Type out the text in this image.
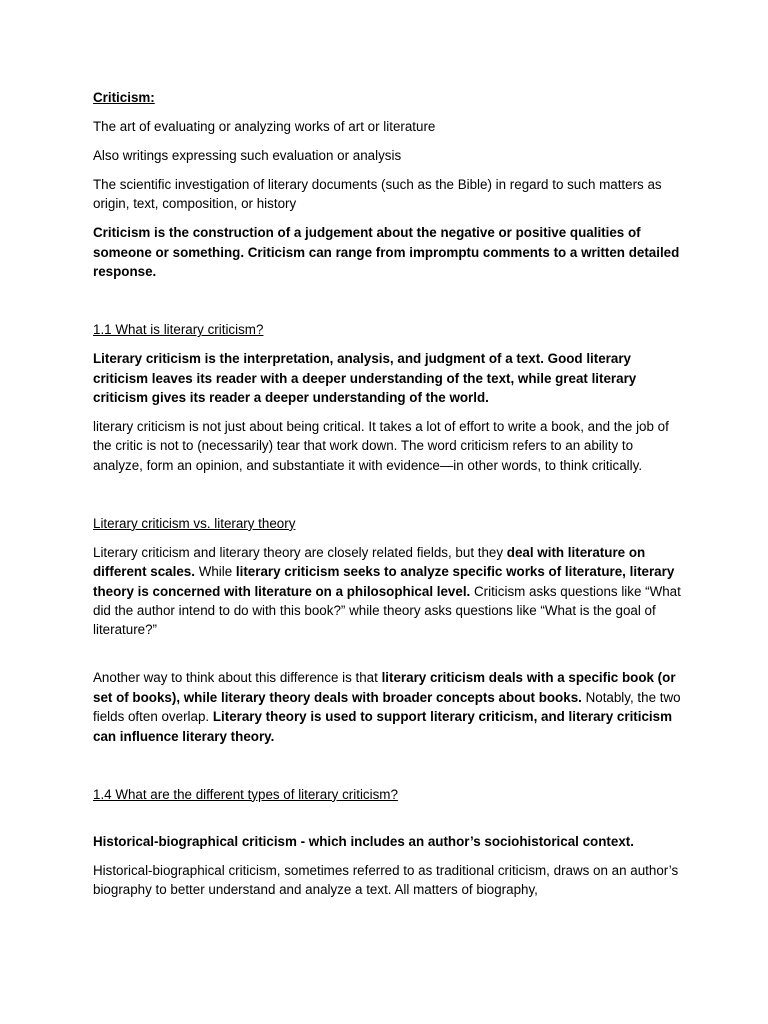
Criticism:

The art of evaluating or analyzing works of art or literature

Also writings expressing such evaluation or analysis

The scientific investigation of literary documents (such as the Bible) in regard to such matters as origin, text, composition, or history

Criticism is the construction of a judgement about the negative or positive qualities of someone or something. Criticism can range from impromptu comments to a written detailed response.

1.1 What is literary criticism?

Literary criticism is the interpretation, analysis, and judgment of a text. Good literary criticism leaves its reader with a deeper understanding of the text, while great literary criticism gives its reader a deeper understanding of the world.

literary criticism is not just about being critical. It takes a lot of effort to write a book, and the job of the critic is not to (necessarily) tear that work down. The word criticism refers to an ability to analyze, form an opinion, and substantiate it with evidence—in other words, to think critically.

Literary criticism vs. literary theory

Literary criticism and literary theory are closely related fields, but they deal with literature on different scales. While literary criticism seeks to analyze specific works of literature, literary theory is concerned with literature on a philosophical level. Criticism asks questions like “What did the author intend to do with this book?” while theory asks questions like “What is the goal of literature?”

Another way to think about this difference is that literary criticism deals with a specific book (or set of books), while literary theory deals with broader concepts about books. Notably, the two fields often overlap. Literary theory is used to support literary criticism, and literary criticism can influence literary theory.

1.4 What are the different types of literary criticism?

Historical-biographical criticism - which includes an author’s sociohistorical context.

Historical-biographical criticism, sometimes referred to as traditional criticism, draws on an author’s biography to better understand and analyze a text. All matters of biography,
